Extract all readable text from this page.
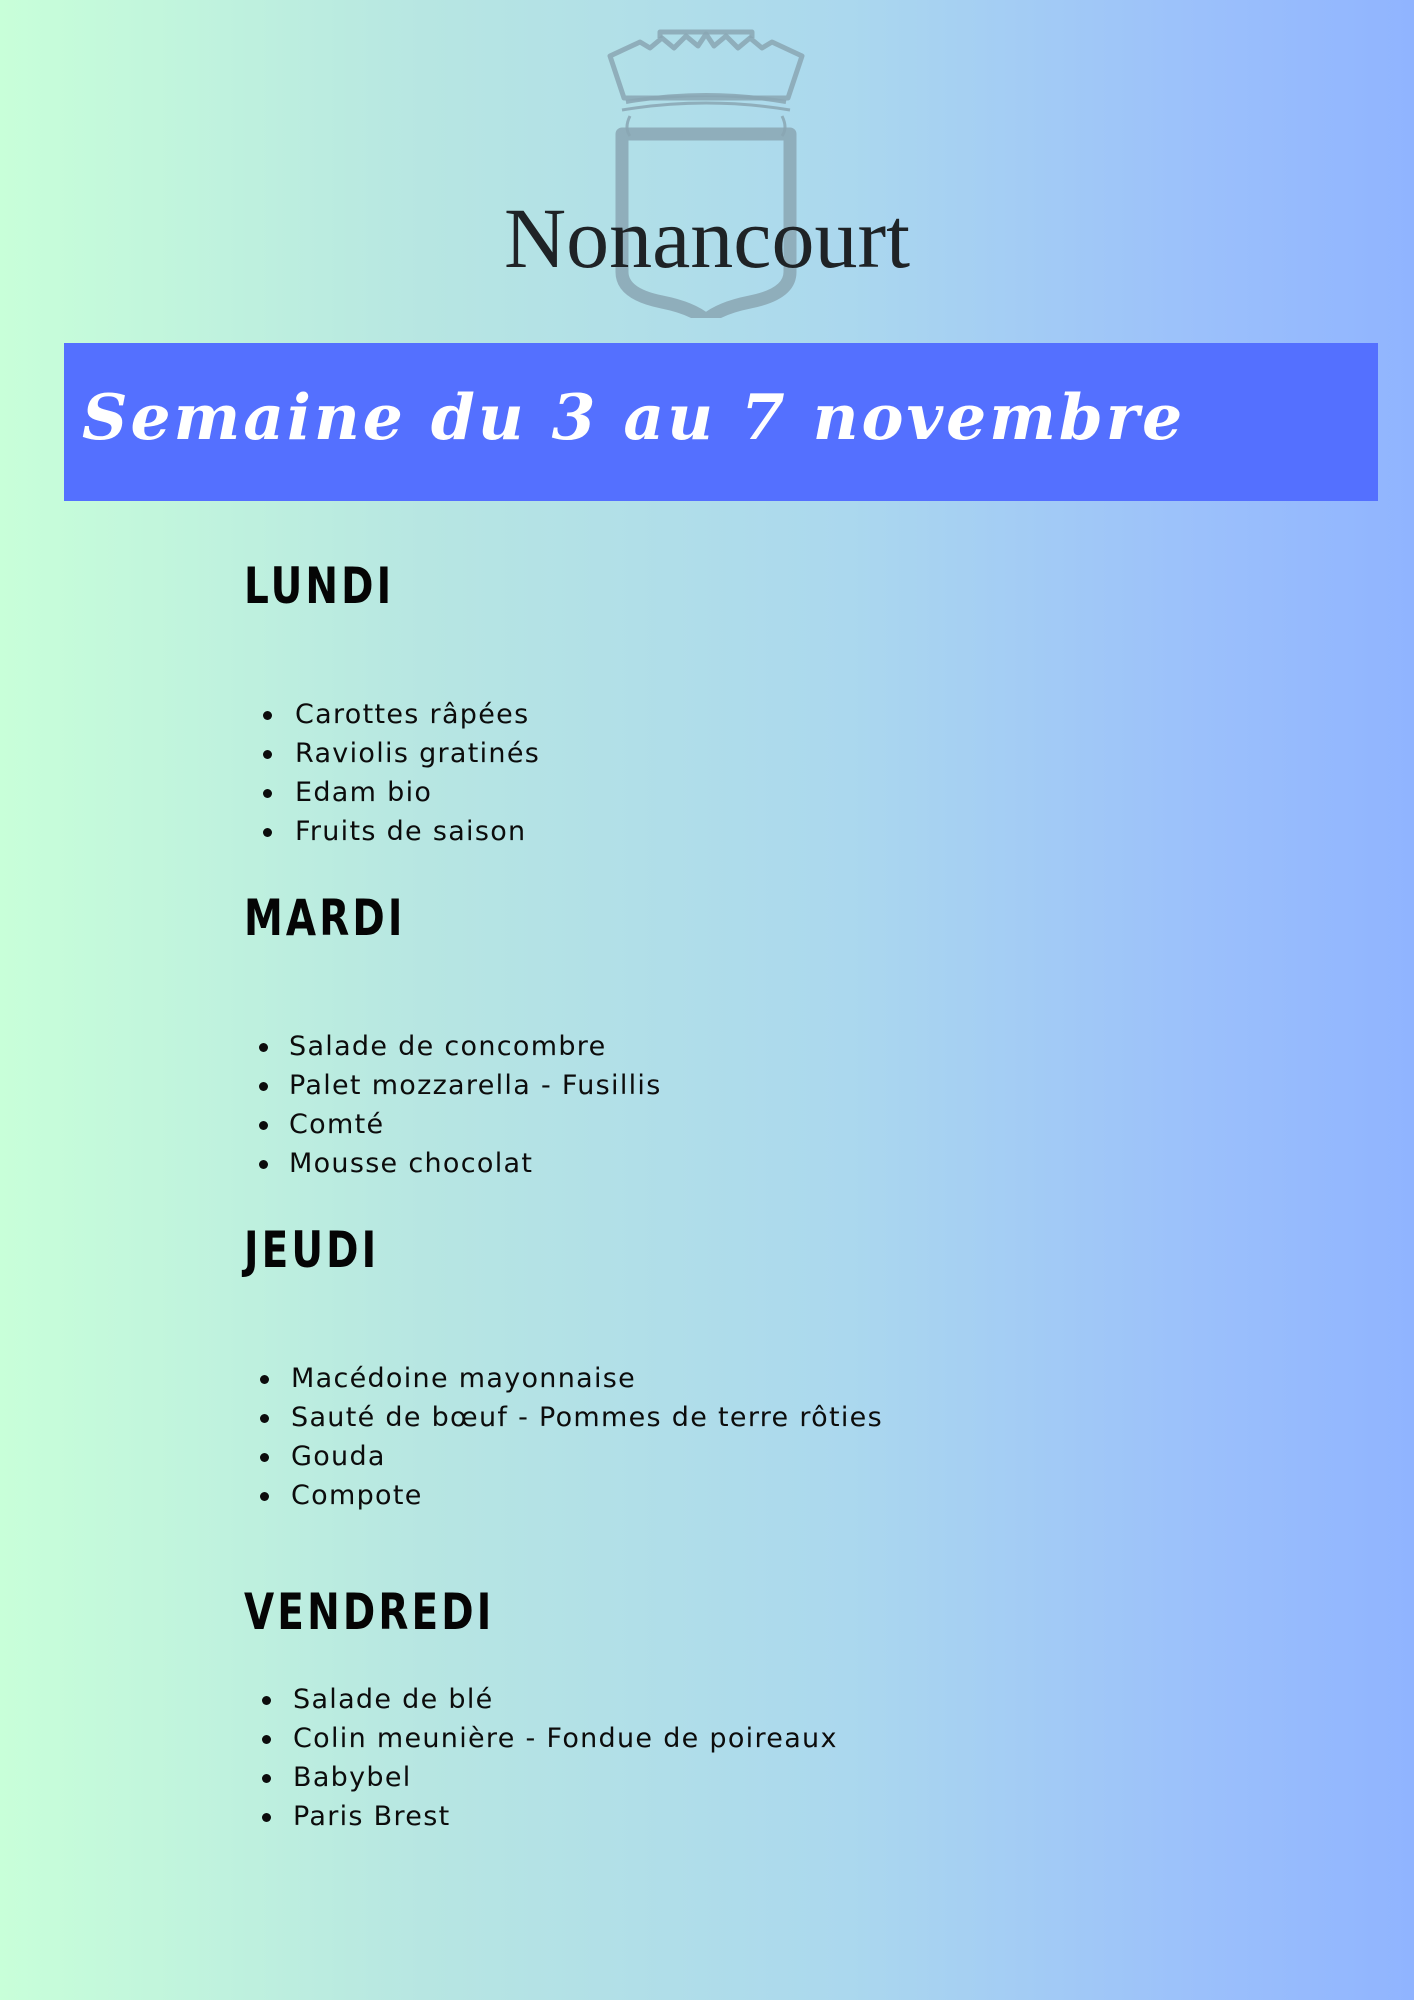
Nonancourt
Semaine du 3 au 7 novembre
LUNDI
Carottes râpées
Raviolis gratinés
Edam bio
Fruits de saison
MARDI
Salade de concombre
Palet mozzarella - Fusillis
Comté
Mousse chocolat
JEUDI
Macédoine mayonnaise
Sauté de bœuf - Pommes de terre rôties
Gouda
Compote
VENDREDI
Salade de blé
Colin meunière - Fondue de poireaux
Babybel
Paris Brest
